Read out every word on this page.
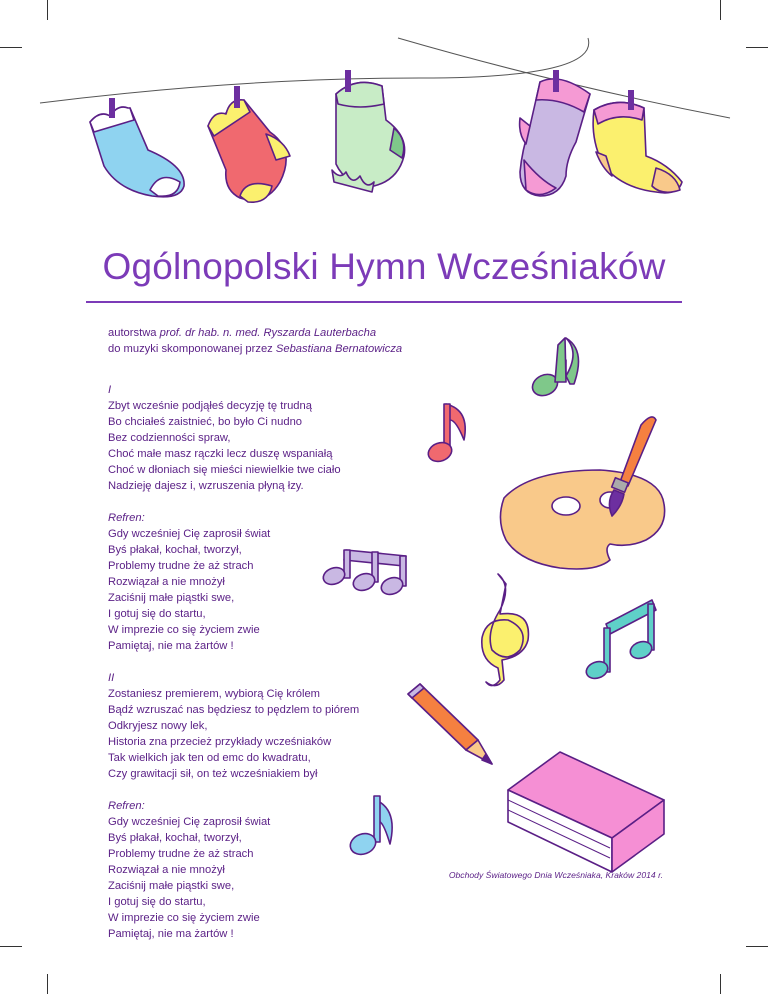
Ogólnopolski Hymn Wcześniaków
autorstwa prof. dr hab. n. med. Ryszarda Lauterbacha
do muzyki skomponowanej przez Sebastiana Bernatowicza
I
Zbyt wcześnie podjąłeś decyzję tę trudną
Bo chciałeś zaistnieć, bo było Ci nudno
Bez codzienności spraw,
Choć małe masz rączki lecz duszę wspaniałą
Choć w dłoniach się mieści niewielkie twe ciało
Nadzieję dajesz i, wzruszenia płyną łzy.
Refren:
Gdy wcześniej Cię zaprosił świat
Byś płakał, kochał, tworzył,
Problemy trudne że aż strach
Rozwiązał a nie mnożył
Zaciśnij małe piąstki swe,
I gotuj się do startu,
W imprezie co się życiem zwie
Pamiętaj, nie ma żartów !
II
Zostaniesz premierem, wybiorą Cię królem
Bądź wzruszać nas będziesz to pędzlem to piórem
Odkryjesz nowy lek,
Historia zna przecież przykłady wcześniaków
Tak wielkich jak ten od emc do kwadratu,
Czy grawitacji sił, on też wcześniakiem był
Refren:
Gdy wcześniej Cię zaprosił świat
Byś płakał, kochał, tworzył,
Problemy trudne że aż strach
Rozwiązał a nie mnożył
Zaciśnij małe piąstki swe,
I gotuj się do startu,
W imprezie co się życiem zwie
Pamiętaj, nie ma żartów !
Obchody Światowego Dnia Wcześniaka, Kraków 2014 r.
